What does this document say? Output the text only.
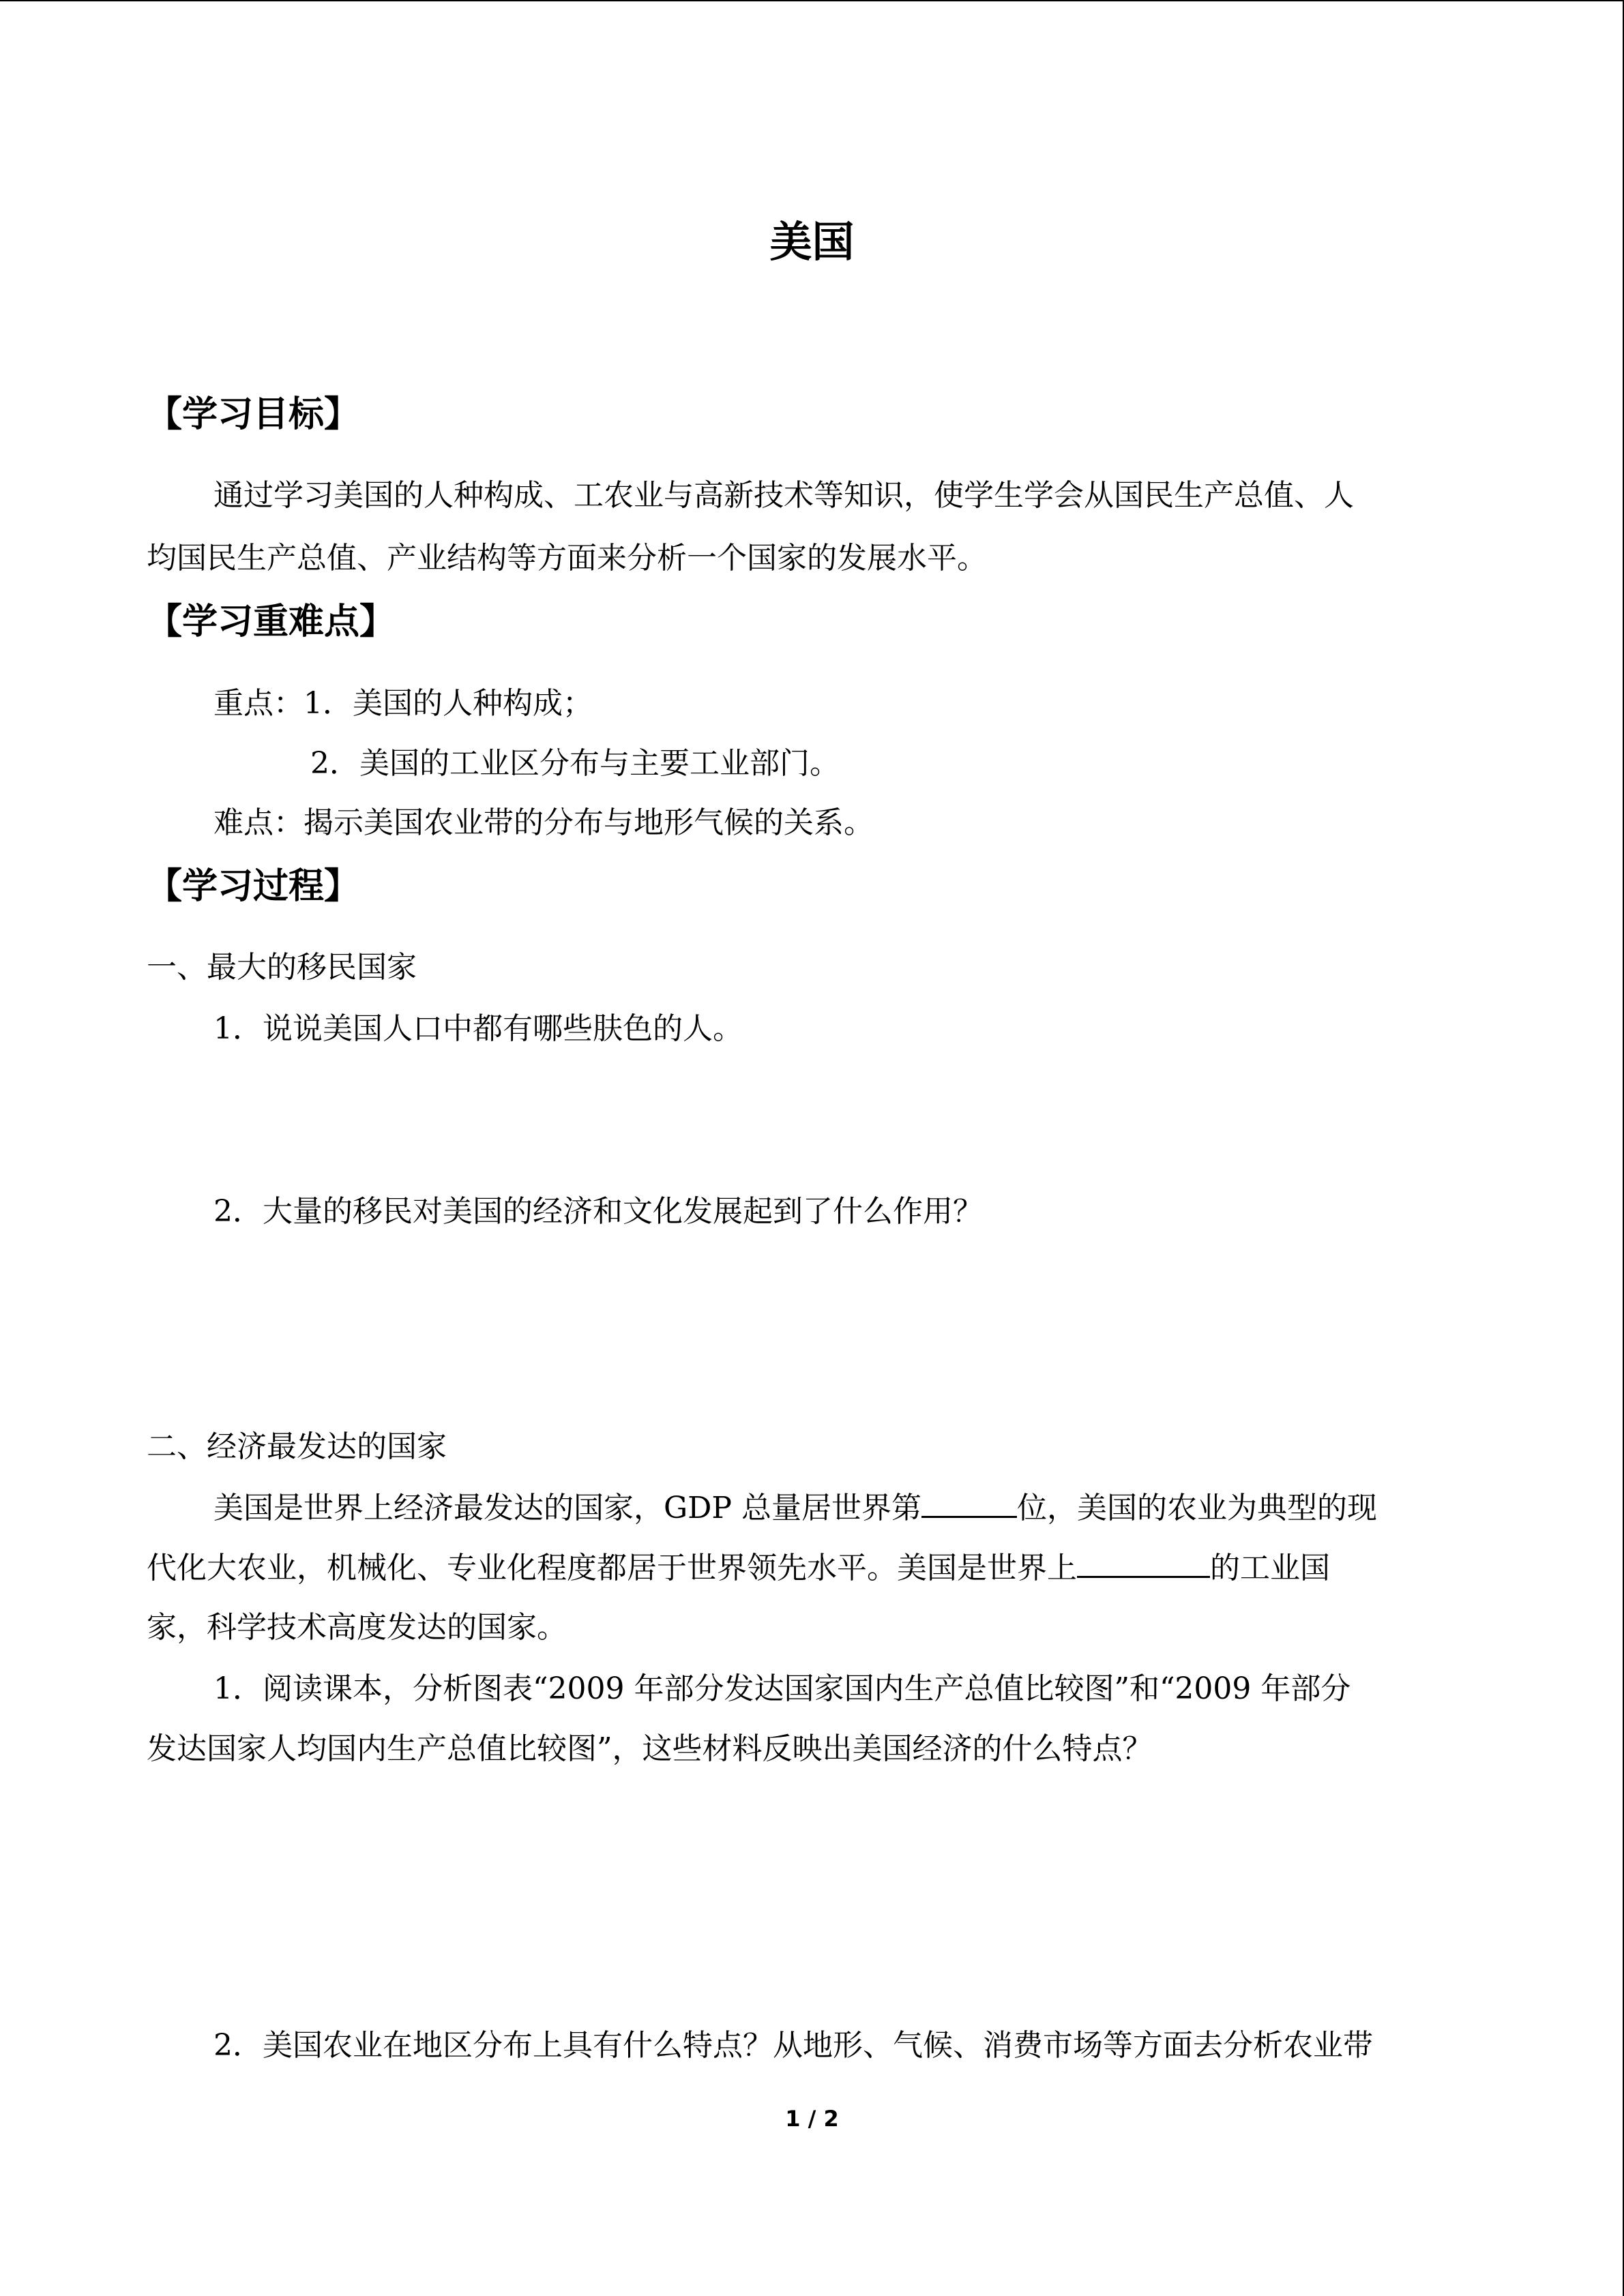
美国
【学习目标】
通过学习美国的人种构成、工农业与高新技术等知识，使学生学会从国民生产总值、人
均国民生产总值、产业结构等方面来分析一个国家的发展水平。
【学习重难点】
重点：1．美国的人种构成；
2．美国的工业区分布与主要工业部门。
难点：揭示美国农业带的分布与地形气候的关系。
【学习过程】
一、最大的移民国家
1．说说美国人口中都有哪些肤色的人。
2．大量的移民对美国的经济和文化发展起到了什么作用？
二、经济最发达的国家
美国是世界上经济最发达的国家，GDP 总量居世界第	位，美国的农业为典型的现
代化大农业，机械化、专业化程度都居于世界领先水平。美国是世界上	的工业国
家，科学技术高度发达的国家。
1．阅读课本，分析图表“2009 年部分发达国家国内生产总值比较图”和“2009 年部分
发达国家人均国内生产总值比较图”，这些材料反映出美国经济的什么特点？
2．美国农业在地区分布上具有什么特点？从地形、气候、消费市场等方面去分析农业带
1 / 2
